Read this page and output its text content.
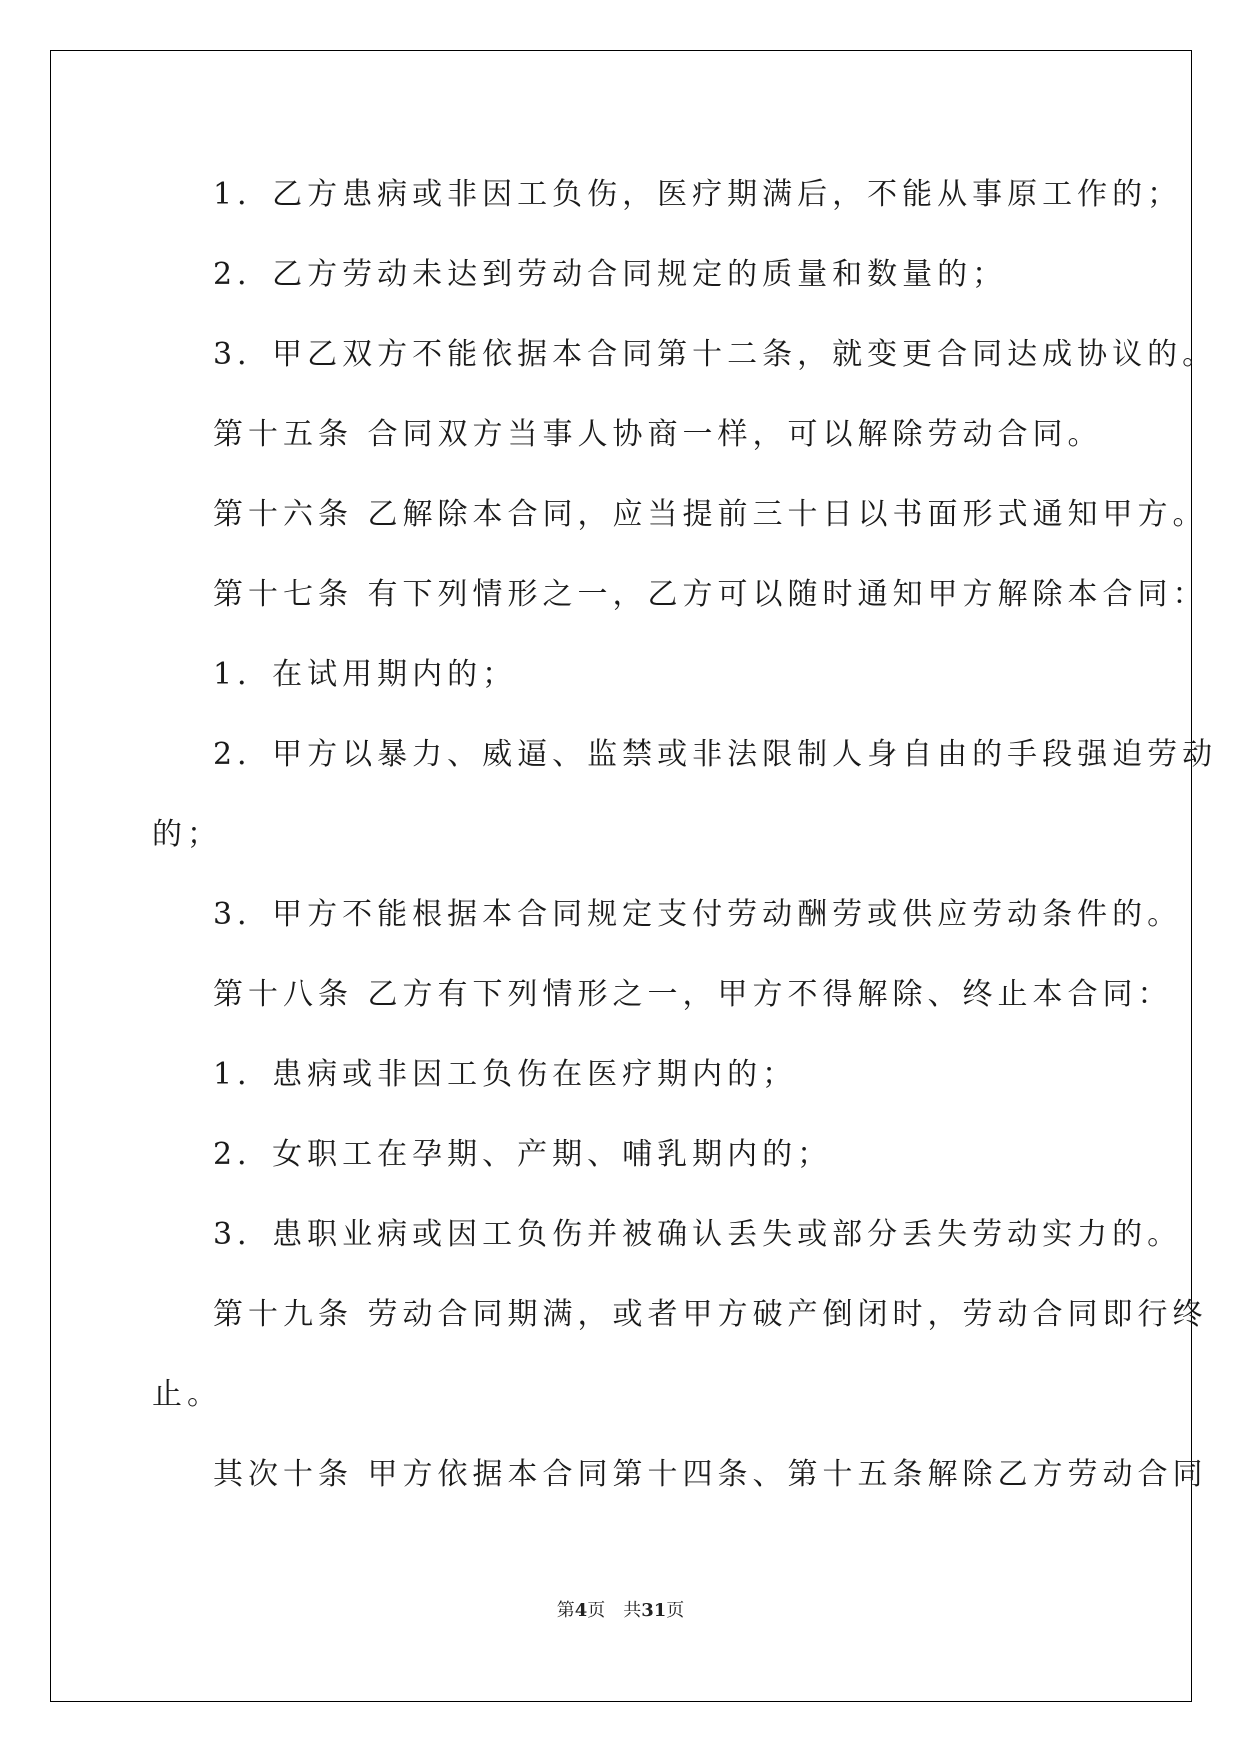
1．乙方患病或非因工负伤，医疗期满后，不能从事原工作的；
2．乙方劳动未达到劳动合同规定的质量和数量的；
3．甲乙双方不能依据本合同第十二条，就变更合同达成协议的。
第十五条 合同双方当事人协商一样，可以解除劳动合同。
第十六条 乙解除本合同，应当提前三十日以书面形式通知甲方。
第十七条 有下列情形之一，乙方可以随时通知甲方解除本合同：
1．在试用期内的；
2．甲方以暴力、威逼、监禁或非法限制人身自由的手段强迫劳动
的；
3．甲方不能根据本合同规定支付劳动酬劳或供应劳动条件的。
第十八条 乙方有下列情形之一，甲方不得解除、终止本合同：
1．患病或非因工负伤在医疗期内的；
2．女职工在孕期、产期、哺乳期内的；
3．患职业病或因工负伤并被确认丢失或部分丢失劳动实力的。
第十九条 劳动合同期满，或者甲方破产倒闭时，劳动合同即行终
止。
其次十条 甲方依据本合同第十四条、第十五条解除乙方劳动合同
第4页 共31页
